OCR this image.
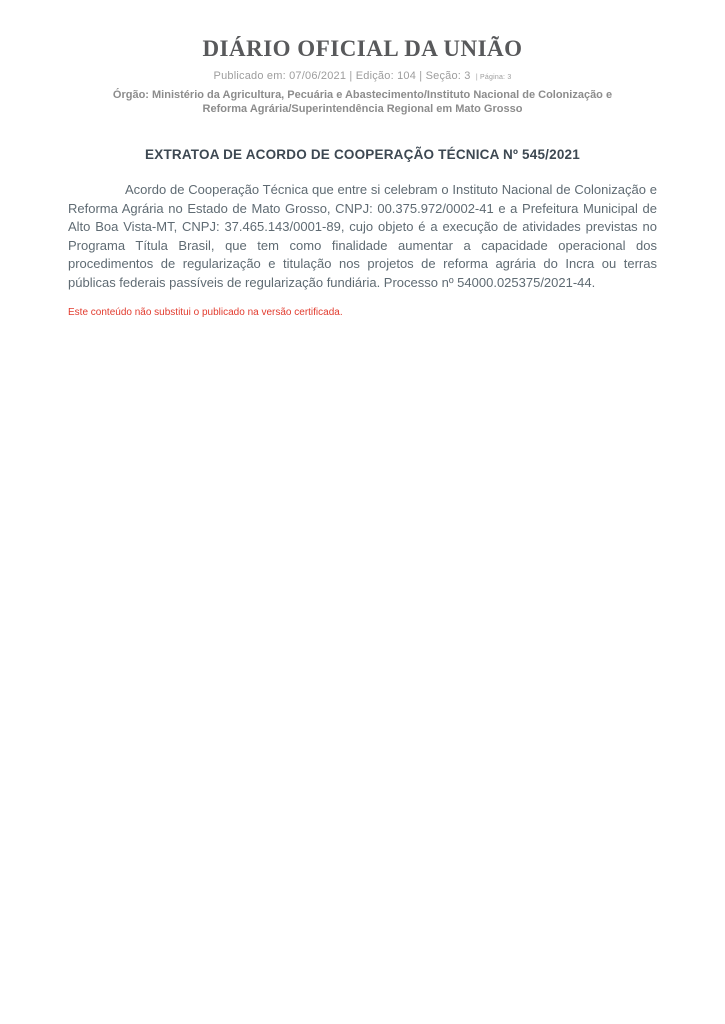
DIÁRIO OFICIAL DA UNIÃO

Publicado em: 07/06/2021 | Edição: 104 | Seção: 3 | Página: 3

Órgão: Ministério da Agricultura, Pecuária e Abastecimento/Instituto Nacional de Colonização e Reforma Agrária/Superintendência Regional em Mato Grosso

EXTRATOA DE ACORDO DE COOPERAÇÃO TÉCNICA Nº 545/2021

Acordo de Cooperação Técnica que entre si celebram o Instituto Nacional de Colonização e Reforma Agrária no Estado de Mato Grosso, CNPJ: 00.375.972/0002-41 e a Prefeitura Municipal de Alto Boa Vista-MT, CNPJ: 37.465.143/0001-89, cujo objeto é a execução de atividades previstas no Programa Títula Brasil, que tem como finalidade aumentar a capacidade operacional dos procedimentos de regularização e titulação nos projetos de reforma agrária do Incra ou terras públicas federais passíveis de regularização fundiária. Processo nº 54000.025375/2021-44.

Este conteúdo não substitui o publicado na versão certificada.
